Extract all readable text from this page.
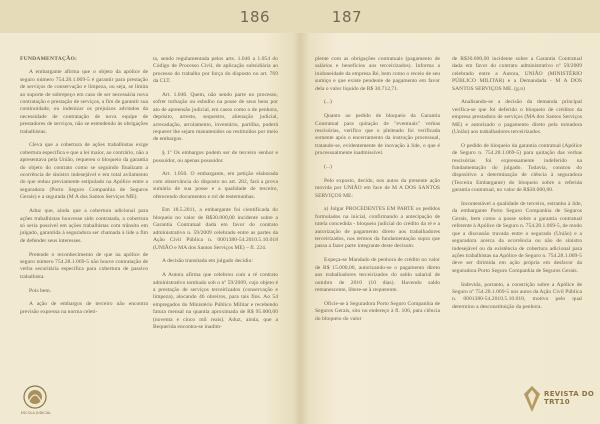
186

FUNDAMENTAÇÃO:

A embargante afirma que o objeto da apólice de seguro número 754.28.1.069-5 é garantir para prestação de serviços de conservação e limpeza, ou seja, se limita ao suporte de sobrepeço em caso de ser necessária nova contratação e prestação de serviços, a fim de garantir sua continuidade, ou indenizar os prejuízos advindos da necessidade de contratação de nova equipe de prestadores de serviços, não se estendendo às obrigações trabalhistas.

Cleva que a cobertura de ações trabalhistas exige cobertura específica e que a lei maior, ao contrário, não a apresentava pela União, requereu o bloqueio da garantia do objeto do contrato como se seguindo finalizam a ocorrência de sinistro indesejável e em total avilamento do que reduu previamente estipulado na Apólice entre a seguradora (Porto Seguro Companhia de Seguros Gerais) e a segurada (M A dos Santos Serviços ME).

Aduz que, ainda que a cobertura adicional para ações trabalhistas houvesse sido contratada, a cobertura só seria possível em ações trabalhistas com trânsito em julgado, garantida à seguradora ser chamada à lide a fim de defender seus interesses.

Pretende o reconhecimento de que na apólice de seguro número 754.28.1.069-5 não houve contratação de verba securitária específica para cobertura de passivo trabalhista.

Pois bem.

A ação de embargos de terceiro não encontra previsão expressa na norma celeti-

ta, sendo regulamentada pelos arts. 1.046 a 1.054 do Código de Processo Civil, de aplicação subsidiária ao processo do trabalho por força do disposto no art. 769 da CLT.

Art. 1.046. Quem, não sendo parte no processo, sofrer turbação ou esbulho na posse de seus bens por ato de apreensão judicial, em casos como o de penhora, depósito, arresto, sequestro, alienação judicial, arrecadação, arrolamento, inventário, partilha, poderá requerer lhe sejam manutenidos ou restituídos por meio de embargos.

§ 1º Os embargos podem ser de terceiro senhor e possuidor, ou apenas possuidor.

Art. 1.050. O embargante, em petição elaborada com observância do disposto no art. 282, fará a prova sumária de sua posse e a qualidade de terceiro, oferecendo documentos e rol de testemunhas.

Em 18.5.2011, a embargante foi cientificada do bloqueio no valor de R$30.000,00 incidente sobre a Garantia Contratual dada em favor do contrato administrativo n. 59/2009 celebrado entre as partes da Ação Civil Pública n. 0001380-54.2010.5.10.018 (UNIÃO e MA dos Santos Serviços ME) – fl. 224.

A decisão transitada em julgado decidiu:

A Autora afirma que celebrou com a ré contrato administrativo tombado sob o nº 59/2009, cujo objeto é a prestação de serviços terceirizados (conservação e limpeza), alocando 46 obreiros, para tais fins. Ao 54 empregados do Ministério Público Militar e recebendo fatura mensal na quantia aproximada de R$ 95.000,00 (noventa e cinco mil reais). Aduz, ainda, que a Requerida encontra-se inadim-

ESCOLA JUDICIAL
187

plente com as obrigações contratuais (pagamento de salários e benefícios aos terceirizados). Informa a inidoneidade da empresa Ré, bem como o receio de seu sumiço e que existe pendente de pagamento em favor dela o valor líquido de R$ 30.712,71.

(...)

Quanto ao pedido de bloqueio da Garantia Contratual para quitação de "eventuais" verbas rescisórias, verifico que o pleiteado foi verificada somente após o encerramento da instrução processual, tratando-se, evidentemente de inovação à lide, o que é processualmente inadmissível.

(...)

Pelo exposto, decido, nos autos da presente ação movida por UNIÃO em face de M A DOS SANTOS SERVIÇOS ME:

a) Julgar PROCEDENTES EM PARTE os pedidos formulados na inicial, confirmando a antecipação de tutela concedida - bloqueio judicial do crédito da ré e a autorização de pagamento direto aos trabalhadores terceirizados, nos termos da fundamentação supra que passa a fazer parte integrante deste decisum.

Expeça-se Mandado de penhora de crédito no valor de R$ 15.000,00, autorizando-se o pagamento direto aos trabalhadores terceirizados do saldo salarial de outubro de 2010 (10 dias). Havendo saldo remanescente, libere-se à requerente.

Oficie-se à Seguradora Porto Seguro Companhia de Seguros Gerais, sito no endereço à fl. 106, para ciência do bloqueio do valor

de R$30.000,00 incidente sobre a Garantia Contratual dada em favor do contrato administrativo nº 59/2009 celebrado entre a Autora, UNIÃO (MINISTÉRIO PÚBLICO MILITAR) e a Demandada - M A DOS SANTOS SERVIÇOS ME. (g.n)

Analisando-se a decisão da demanda principal verifica-se que foi deferido o bloqueio de créditos da empresa prestadora de serviços (MA dos Santos Serviços ME) e autorizado o pagamento direto pela tomadora (União) aos trabalhadores terceirizados.

O pedido de bloqueio da garantia contratual (Apólice de Seguro n. 754.28.1.069-5) para quitação das verbas rescisórias foi expressamente indeferido na fundamentação do julgado. Todavia, constou do dispositivo a determinação de ciência à seguradora (Terceira Embargante) do bloqueio sobre a referida garantia contratual, no valor de R$30.000,00.

Incontestável a qualidade de terceiro, estranho à lide, da embargante Porto Seguro Companhia de Seguros Gerais, bem como a posse sobre a garantia contratual referente à Apólice de Seguro n. 754.28.1.069-5, de modo que a discussão travada entre o segurado (União) e a seguradora acerca da ocorrência ou não de sinistro indesejável ou da existência de cobertura adicional para ações trabalhistas na Apólice de Seguro n. 754.28.1.069-5 deve ser dirimida em ação própria em desfavor da seguradora Porto Seguro Companhia de Seguros Gerais.

Indevida, portanto, a constrição sobre a Apólice de Seguro nº 754.28.1.069-5 nos autos da Ação Civil Pública n. 0001380-54.2010.5.10.018, motivo pelo qual determino a desconstituição da penhora.

REVISTA DO TRT10
